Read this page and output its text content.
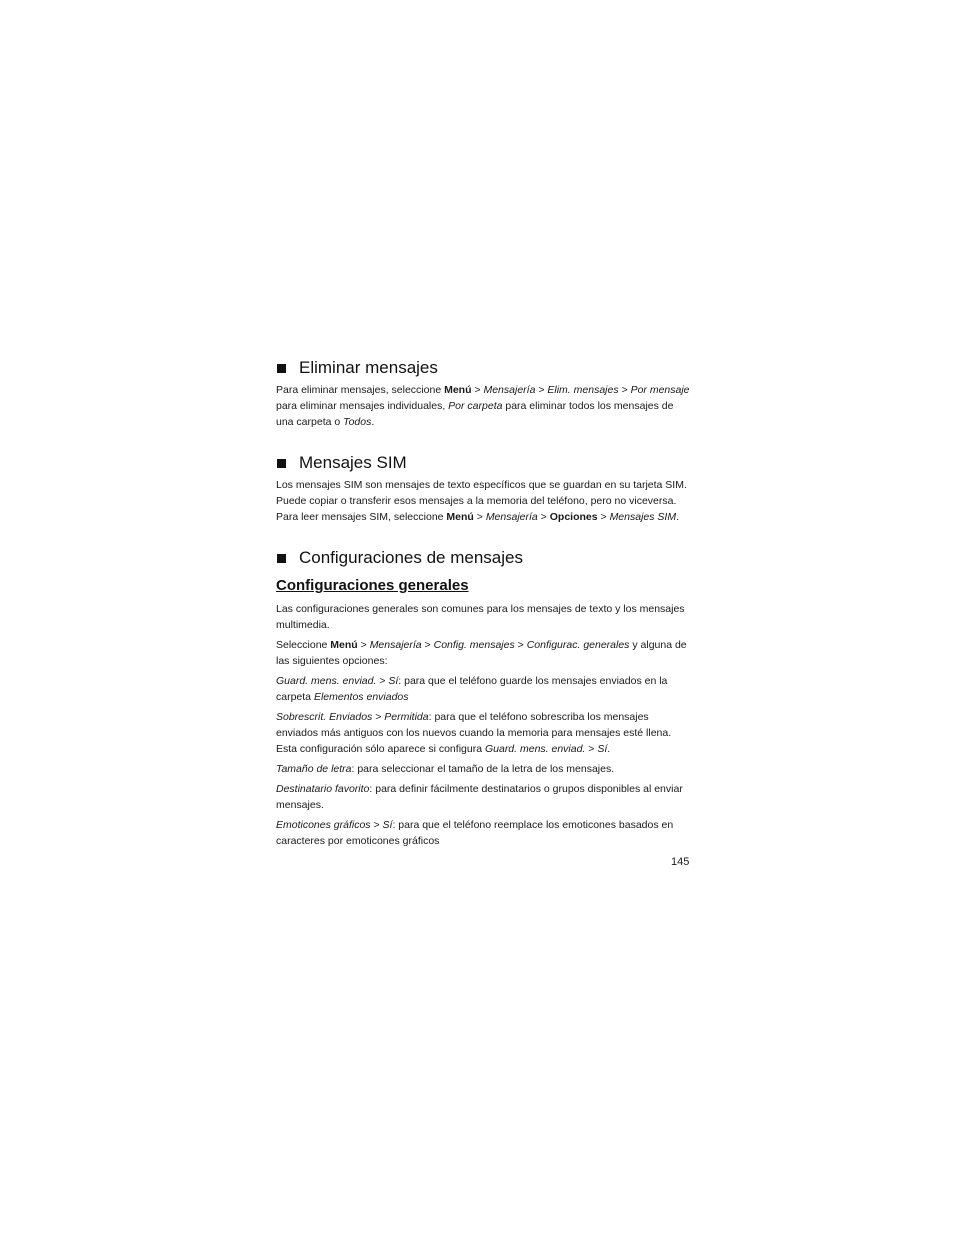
Eliminar mensajes

Para eliminar mensajes, seleccione Menú > Mensajería > Elim. mensajes > Por mensaje para eliminar mensajes individuales, Por carpeta para eliminar todos los mensajes de una carpeta o Todos.

Mensajes SIM

Los mensajes SIM son mensajes de texto específicos que se guardan en su tarjeta SIM. Puede copiar o transferir esos mensajes a la memoria del teléfono, pero no viceversa. Para leer mensajes SIM, seleccione Menú > Mensajería > Opciones > Mensajes SIM.

Configuraciones de mensajes
Configuraciones generales

Las configuraciones generales son comunes para los mensajes de texto y los mensajes multimedia.

Seleccione Menú > Mensajería > Config. mensajes > Configurac. generales y alguna de las siguientes opciones:

Guard. mens. enviad. > Sí: para que el teléfono guarde los mensajes enviados en la carpeta Elementos enviados

Sobrescrit. Enviados > Permitida: para que el teléfono sobrescriba los mensajes enviados más antiguos con los nuevos cuando la memoria para mensajes esté llena. Esta configuración sólo aparece si configura Guard. mens. enviad. > Sí.

Tamaño de letra: para seleccionar el tamaño de la letra de los mensajes.

Destinatario favorito: para definir fácilmente destinatarios o grupos disponibles al enviar mensajes.

Emoticones gráficos > Sí: para que el teléfono reemplace los emoticones basados en caracteres por emoticones gráficos

145
